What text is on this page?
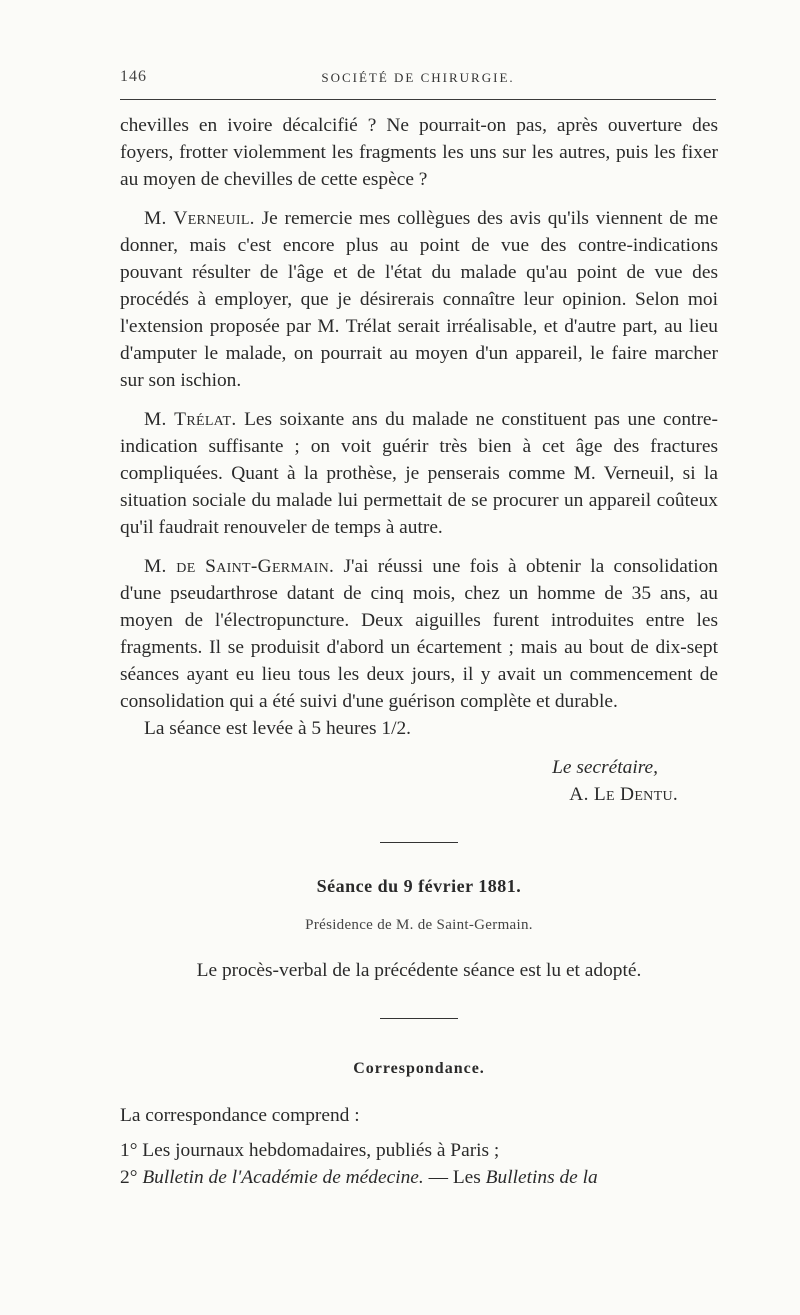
146	SOCIÉTÉ DE CHIRURGIE.

chevilles en ivoire décalcifié ? Ne pourrait-on pas, après ouverture des foyers, frotter violemment les fragments les uns sur les autres, puis les fixer au moyen de chevilles de cette espèce ?

M. Verneuil. Je remercie mes collègues des avis qu'ils viennent de me donner, mais c'est encore plus au point de vue des contre-indications pouvant résulter de l'âge et de l'état du malade qu'au point de vue des procédés à employer, que je désirerais connaître leur opinion. Selon moi l'extension proposée par M. Trélat serait irréalisable, et d'autre part, au lieu d'amputer le malade, on pourrait au moyen d'un appareil, le faire marcher sur son ischion.

M. Trélat. Les soixante ans du malade ne constituent pas une contre-indication suffisante ; on voit guérir très bien à cet âge des fractures compliquées. Quant à la prothèse, je penserais comme M. Verneuil, si la situation sociale du malade lui permettait de se procurer un appareil coûteux qu'il faudrait renouveler de temps à autre.

M. de Saint-Germain. J'ai réussi une fois à obtenir la consolidation d'une pseudarthrose datant de cinq mois, chez un homme de 35 ans, au moyen de l'électropuncture. Deux aiguilles furent introduites entre les fragments. Il se produisit d'abord un écartement ; mais au bout de dix-sept séances ayant eu lieu tous les deux jours, il y avait un commencement de consolidation qui a été suivi d'une guérison complète et durable.

La séance est levée à 5 heures 1/2.

Le secrétaire,
A. Le Dentu.
Séance du 9 février 1881.
Présidence de M. de Saint-Germain.
Le procès-verbal de la précédente séance est lu et adopté.
Correspondance.
La correspondance comprend :
1° Les journaux hebdomadaires, publiés à Paris ;
2° Bulletin de l'Académie de médecine. — Les Bulletins de la
